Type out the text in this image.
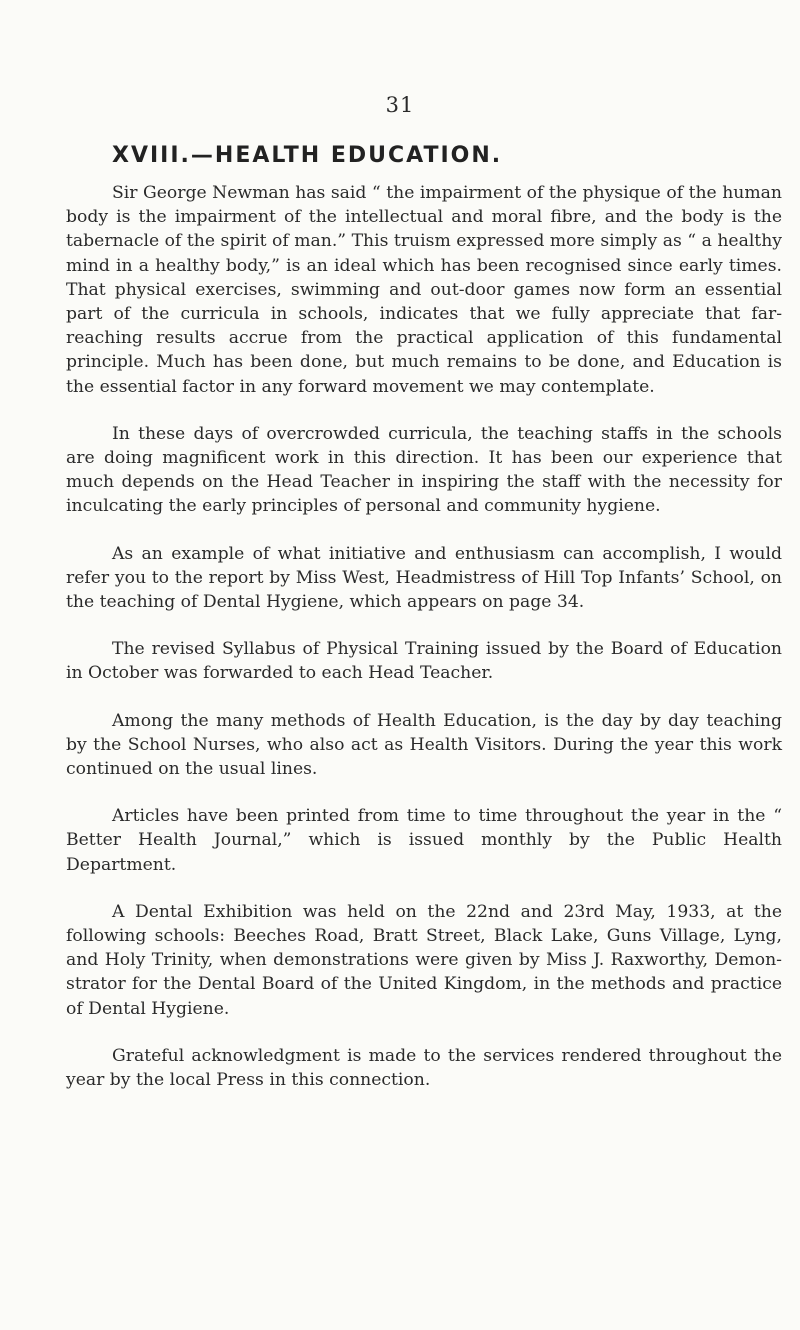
31
XVIII.—HEALTH EDUCATION.

Sir George Newman has said “ the impairment of the physique of the human body is the impairment of the intellectual and moral fibre, and the body is the tabernacle of the spirit of man.” This truism expressed more simply as “ a healthy mind in a healthy body,” is an ideal which has been recognised since early times. That physical exercises, swimming and out-door games now form an essential part of the curricula in schools, indicates that we fully appreciate that far-reaching results accrue from the practical application of this fundamental principle. Much has been done, but much remains to be done, and Education is the essential factor in any forward movement we may contemplate.

In these days of overcrowded curricula, the teaching staffs in the schools are doing magnificent work in this direction. It has been our experience that much depends on the Head Teacher in inspiring the staff with the necessity for inculcating the early principles of personal and community hygiene.

As an example of what initiative and enthusiasm can accomplish, I would refer you to the report by Miss West, Headmistress of Hill Top Infants’ School, on the teaching of Dental Hygiene, which appears on page 34.

The revised Syllabus of Physical Training issued by the Board of Education in October was forwarded to each Head Teacher.

Among the many methods of Health Education, is the day by day teaching by the School Nurses, who also act as Health Visitors. During the year this work continued on the usual lines.

Articles have been printed from time to time throughout the year in the “ Better Health Journal,” which is issued monthly by the Public Health Department.

A Dental Exhibition was held on the 22nd and 23rd May, 1933, at the following schools: Beeches Road, Bratt Street, Black Lake, Guns Village, Lyng, and Holy Trinity, when demonstrations were given by Miss J. Raxworthy, Demon- strator for the Dental Board of the United Kingdom, in the methods and practice of Dental Hygiene.

Grateful acknowledgment is made to the services rendered throughout the year by the local Press in this connection.
